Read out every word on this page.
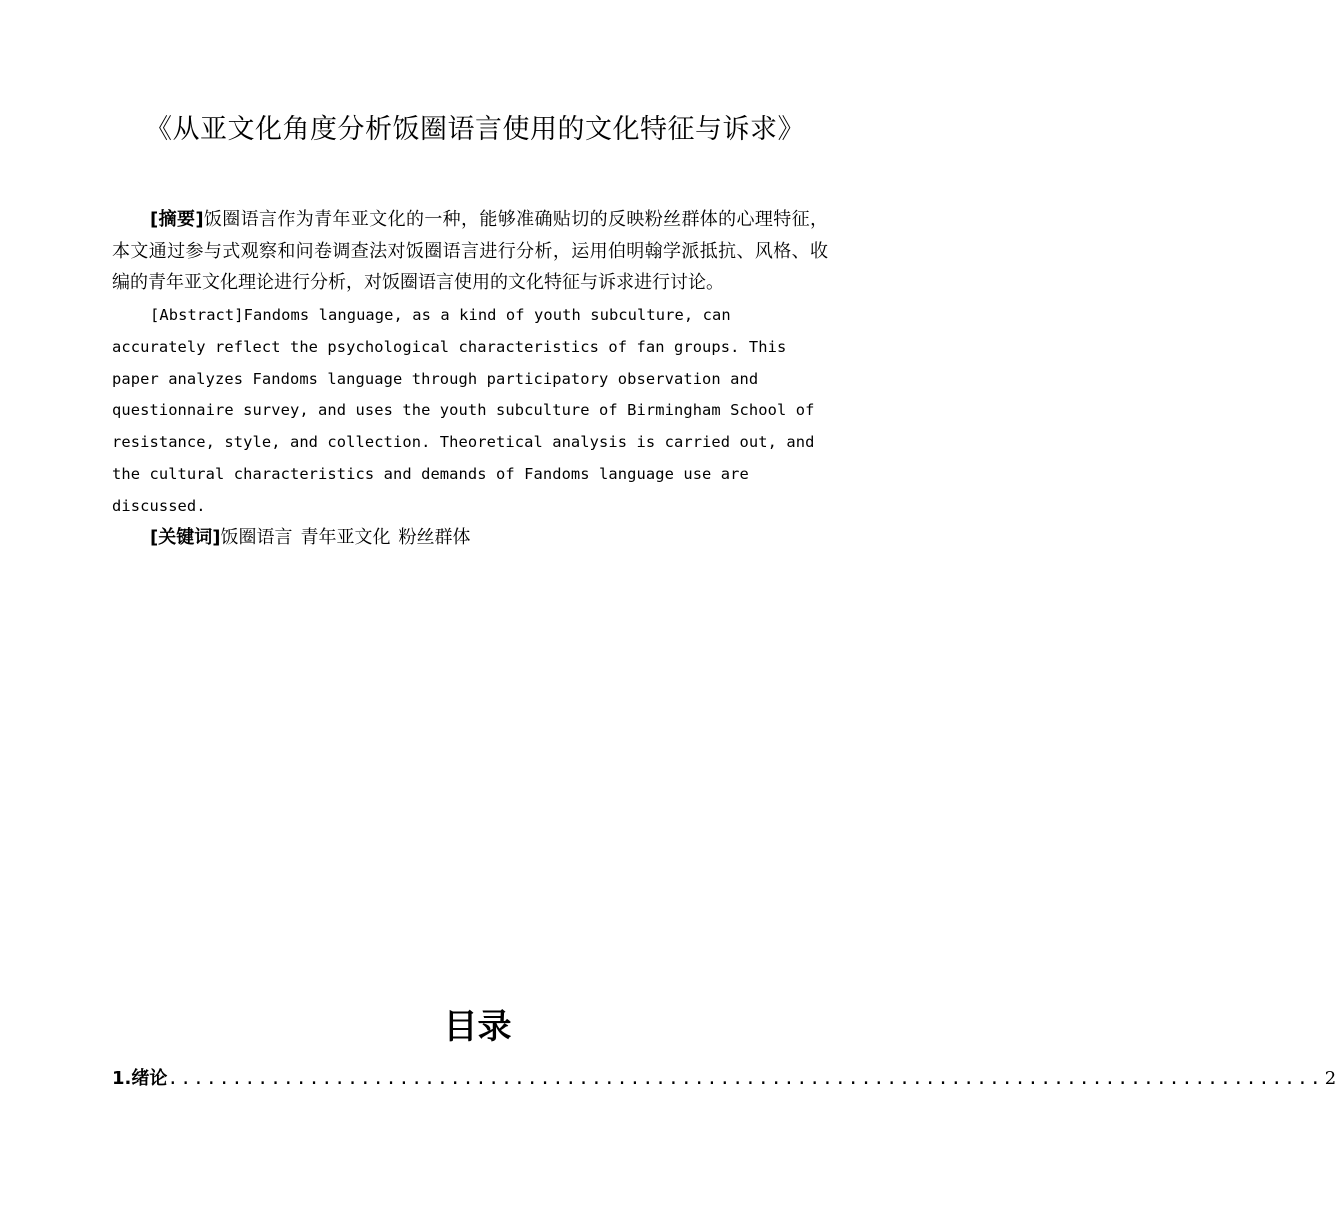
《从亚文化角度分析饭圈语言使用的文化特征与诉求》
[摘要]饭圈语言作为青年亚文化的一种，能够准确贴切的反映粉丝群体的心理特征，本文通过参与式观察和问卷调查法对饭圈语言进行分析，运用伯明翰学派抵抗、风格、收编的青年亚文化理论进行分析，对饭圈语言使用的文化特征与诉求进行讨论。
[Abstract]Fandoms language, as a kind of youth subculture, can accurately reflect the psychological characteristics of fan groups. This paper analyzes Fandoms language through participatory observation and questionnaire survey, and uses the youth subculture of Birmingham School of resistance, style, and collection. Theoretical analysis is carried out, and the cultural characteristics and demands of Fandoms language use are discussed.
[关键词]饭圈语言 青年亚文化 粉丝群体
目录
1.绪论 .......................................................................................... 2
